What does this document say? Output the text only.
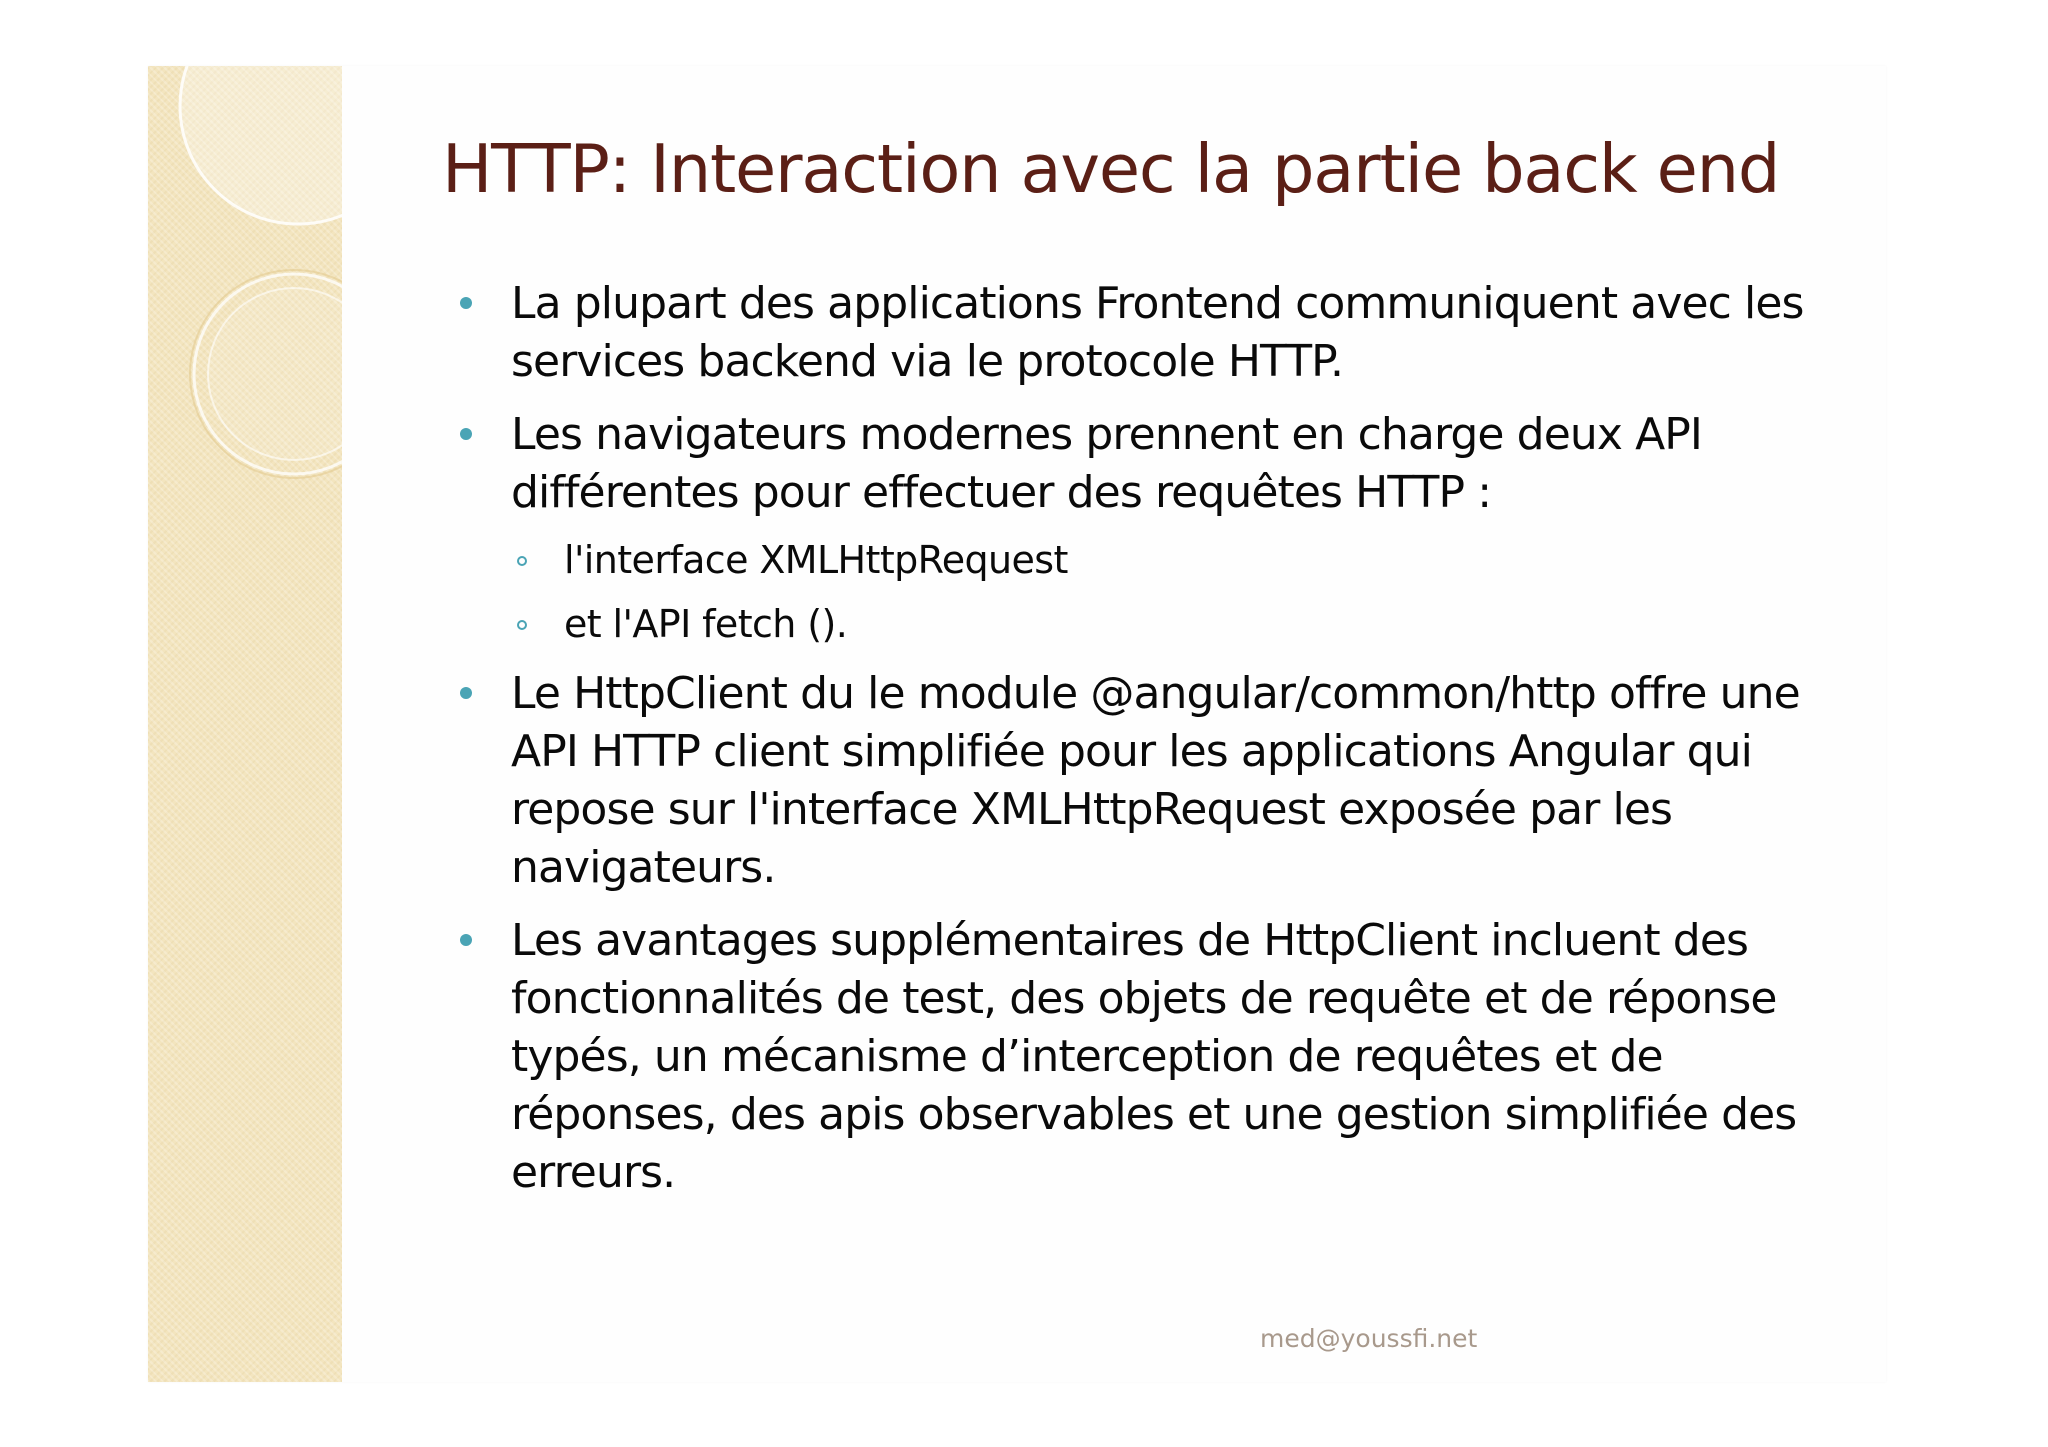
HTTP: Interaction avec la partie back end
La plupart des applications Frontend communiquent avec les services backend via le protocole HTTP.
Les navigateurs modernes prennent en charge deux API différentes pour effectuer des requêtes HTTP :
l'interface XMLHttpRequest
et l'API fetch ().
Le HttpClient du le module @angular/common/http offre une API HTTP client simplifiée pour les applications Angular qui repose sur l'interface XMLHttpRequest exposée par les navigateurs.
Les avantages supplémentaires de HttpClient incluent des fonctionnalités de test, des objets de requête et de réponse typés, un mécanisme d’interception de requêtes et de réponses, des apis observables et une gestion simplifiée des erreurs.
med@youssfi.net
